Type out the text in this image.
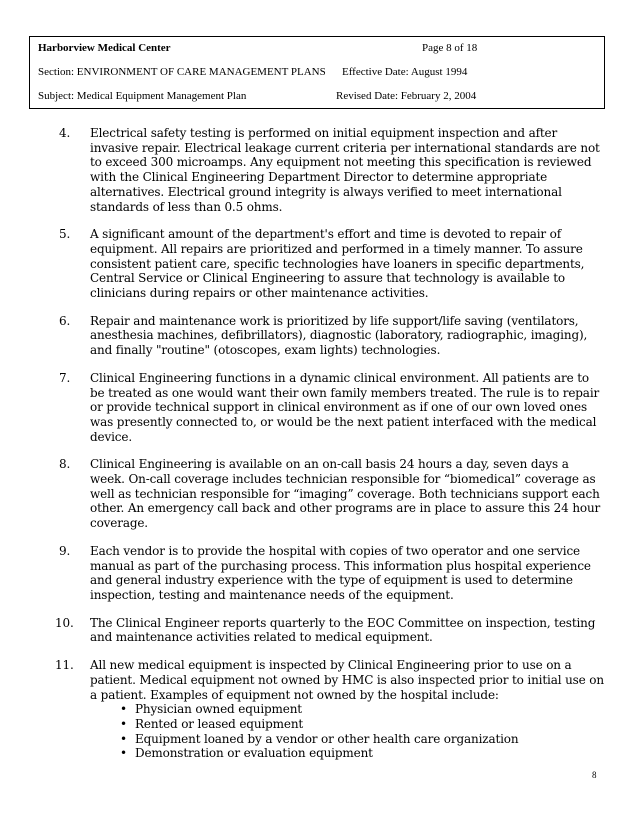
Harborview Medical Center	Page 8 of 18
Section: ENVIRONMENT OF CARE MANAGEMENT PLANS Effective Date: August 1994
Subject: Medical Equipment Management Plan	Revised Date: February 2, 2004
4.	Electrical safety testing is performed on initial equipment inspection and after invasive repair. Electrical leakage current criteria per international standards are not to exceed 300 microamps. Any equipment not meeting this specification is reviewed with the Clinical Engineering Department Director to determine appropriate alternatives. Electrical ground integrity is always verified to meet international standards of less than 0.5 ohms.

5.	A significant amount of the department's effort and time is devoted to repair of equipment. All repairs are prioritized and performed in a timely manner. To assure consistent patient care, specific technologies have loaners in specific departments, Central Service or Clinical Engineering to assure that technology is available to clinicians during repairs or other maintenance activities.

6.	Repair and maintenance work is prioritized by life support/life saving (ventilators, anesthesia machines, defibrillators), diagnostic (laboratory, radiographic, imaging), and finally "routine" (otoscopes, exam lights) technologies.

7.	Clinical Engineering functions in a dynamic clinical environment. All patients are to be treated as one would want their own family members treated. The rule is to repair or provide technical support in clinical environment as if one of our own loved ones was presently connected to, or would be the next patient interfaced with the medical device.

8.	Clinical Engineering is available on an on-call basis 24 hours a day, seven days a week. On-call coverage includes technician responsible for “biomedical” coverage as well as technician responsible for “imaging” coverage. Both technicians support each other. An emergency call back and other programs are in place to assure this 24 hour coverage.

9.	Each vendor is to provide the hospital with copies of two operator and one service manual as part of the purchasing process. This information plus hospital experience and general industry experience with the type of equipment is used to determine inspection, testing and maintenance needs of the equipment.

10.	The Clinical Engineer reports quarterly to the EOC Committee on inspection, testing and maintenance activities related to medical equipment.

11.	All new medical equipment is inspected by Clinical Engineering prior to use on a patient. Medical equipment not owned by HMC is also inspected prior to initial use on a patient. Examples of equipment not owned by the hospital include:

• Physician owned equipment
• Rented or leased equipment
• Equipment loaned by a vendor or other health care organization
• Demonstration or evaluation equipment
8
